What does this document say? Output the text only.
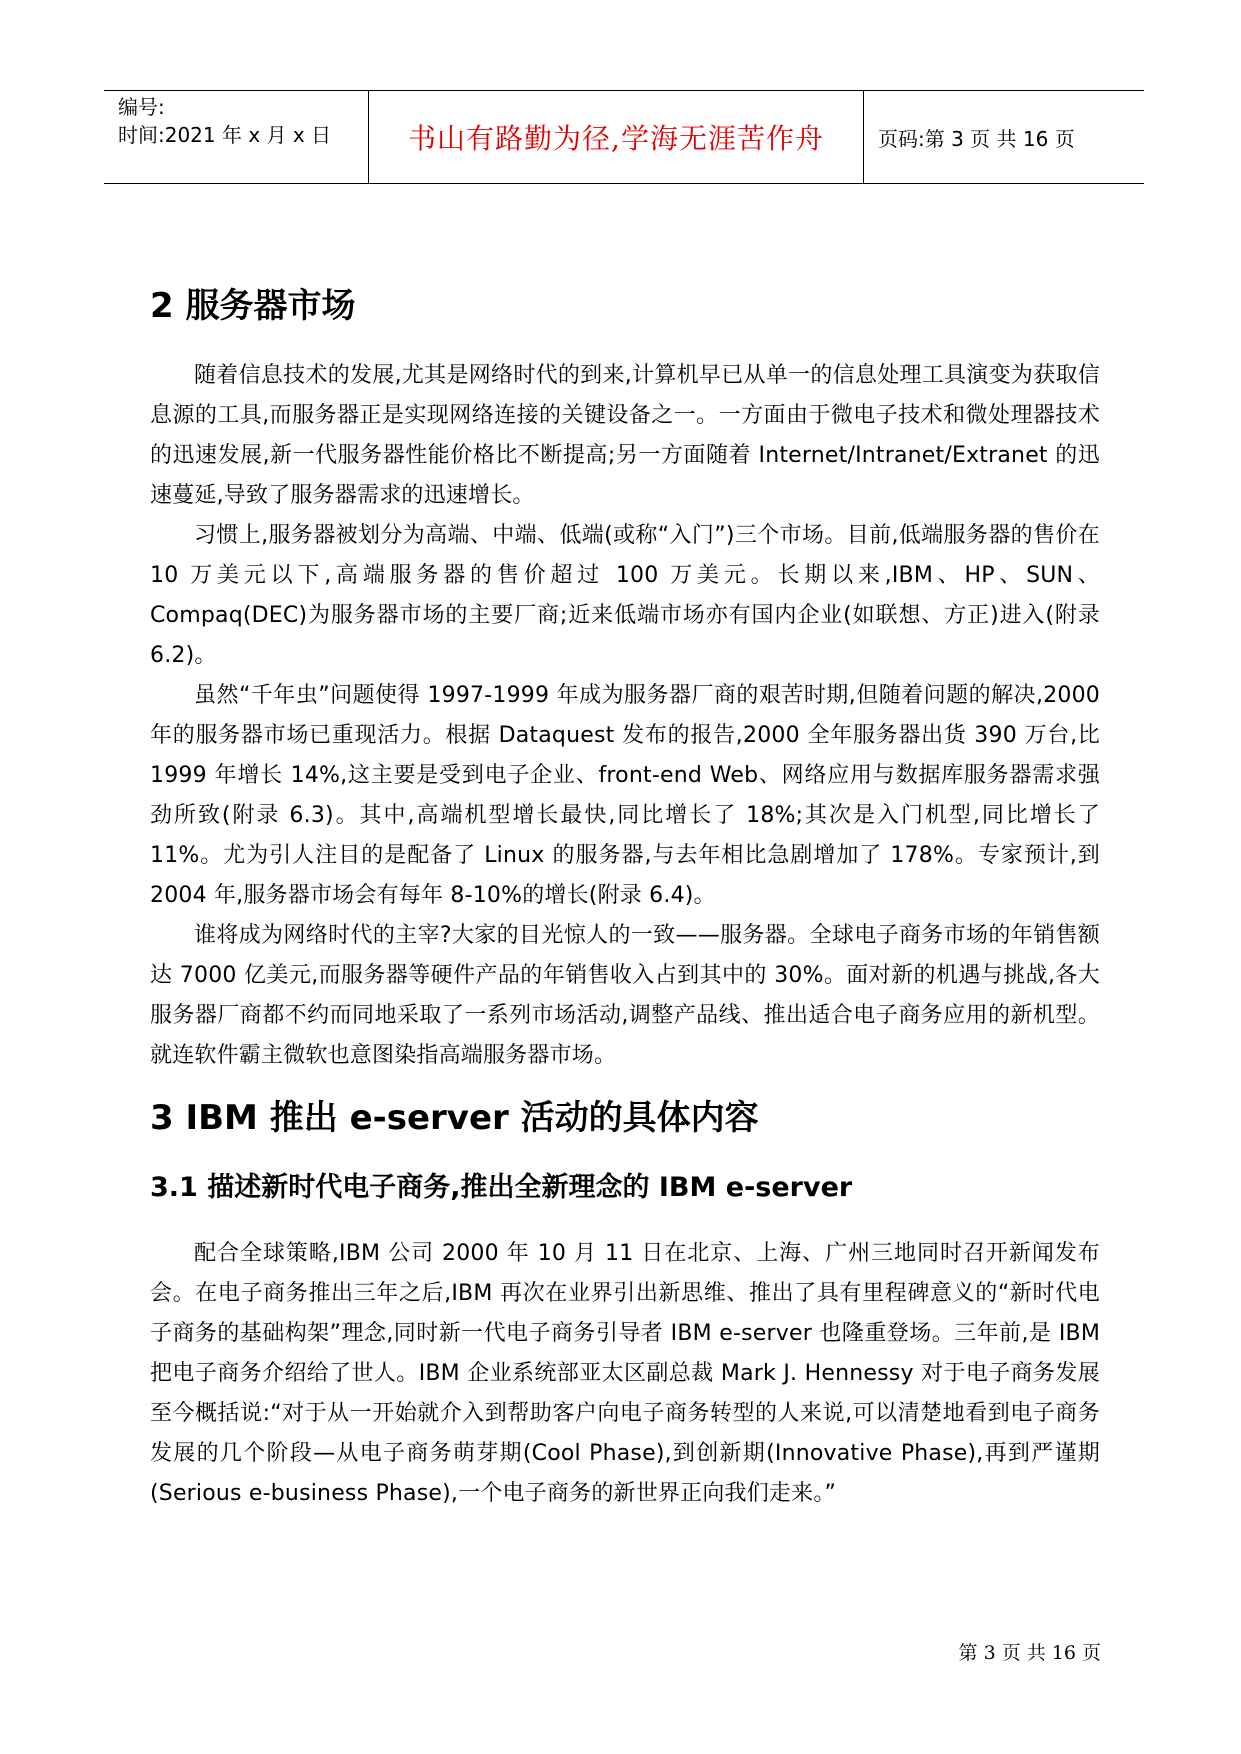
编号:
时间:2021 年 x 月 x 日	书山有路勤为径,学海无涯苦作舟	页码:第 3 页 共 16 页
2 服务器市场

随着信息技术的发展,尤其是网络时代的到来,计算机早已从单一的信息处理工具演变为获取信息源的工具,而服务器正是实现网络连接的关键设备之一。一方面由于微电子技术和微处理器技术的迅速发展,新一代服务器性能价格比不断提高;另一方面随着 Internet/Intranet/Extranet 的迅速蔓延,导致了服务器需求的迅速增长。

习惯上,服务器被划分为高端、中端、低端(或称“入门”)三个市场。目前,低端服务器的售价在 10 万美元以下,高端服务器的售价超过 100 万美元。长期以来,IBM、HP、SUN、Compaq(DEC)为服务器市场的主要厂商;近来低端市场亦有国内企业(如联想、方正)进入(附录 6.2)。

虽然“千年虫”问题使得 1997-1999 年成为服务器厂商的艰苦时期,但随着问题的解决,2000 年的服务器市场已重现活力。根据 Dataquest 发布的报告,2000 全年服务器出货 390 万台,比 1999 年增长 14%,这主要是受到电子企业、front-end Web、网络应用与数据库服务器需求强劲所致(附录 6.3)。其中,高端机型增长最快,同比增长了 18%;其次是入门机型,同比增长了 11%。尤为引人注目的是配备了 Linux 的服务器,与去年相比急剧增加了 178%。专家预计,到 2004 年,服务器市场会有每年 8-10%的增长(附录 6.4)。

谁将成为网络时代的主宰?大家的目光惊人的一致——服务器。全球电子商务市场的年销售额达 7000 亿美元,而服务器等硬件产品的年销售收入占到其中的 30%。面对新的机遇与挑战,各大服务器厂商都不约而同地采取了一系列市场活动,调整产品线、推出适合电子商务应用的新机型。就连软件霸主微软也意图染指高端服务器市场。

3 IBM 推出 e-server 活动的具体内容
3.1 描述新时代电子商务,推出全新理念的 IBM e-server

配合全球策略,IBM 公司 2000 年 10 月 11 日在北京、上海、广州三地同时召开新闻发布会。在电子商务推出三年之后,IBM 再次在业界引出新思维、推出了具有里程碑意义的“新时代电子商务的基础构架”理念,同时新一代电子商务引导者 IBM e-server 也隆重登场。三年前,是 IBM 把电子商务介绍给了世人。IBM 企业系统部亚太区副总裁 Mark J. Hennessy 对于电子商务发展至今概括说:“对于从一开始就介入到帮助客户向电子商务转型的人来说,可以清楚地看到电子商务发展的几个阶段—从电子商务萌芽期(Cool Phase),到创新期(Innovative Phase),再到严谨期(Serious e-business Phase),一个电子商务的新世界正向我们走来。”

第 3 页 共 16 页
